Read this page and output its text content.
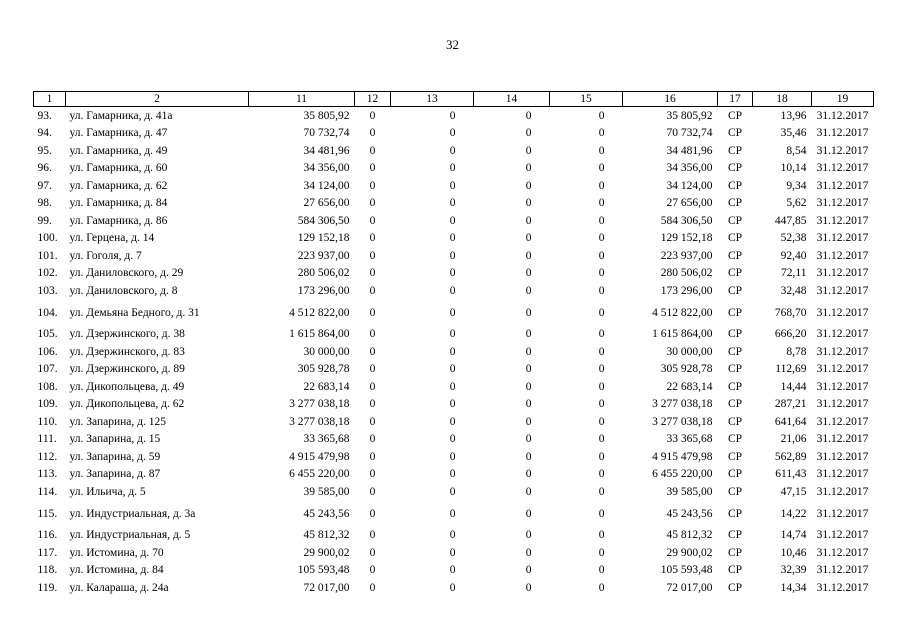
32
1	2	11	12	13	14	15	16	17	18	19
93.	ул. Гамарника, д. 41а	35 805,92	0	0	0	0	35 805,92	СР	13,96	31.12.2017
94.	ул. Гамарника, д. 47	70 732,74	0	0	0	0	70 732,74	СР	35,46	31.12.2017
95.	ул. Гамарника, д. 49	34 481,96	0	0	0	0	34 481,96	СР	8,54	31.12.2017
96.	ул. Гамарника, д. 60	34 356,00	0	0	0	0	34 356,00	СР	10,14	31.12.2017
97.	ул. Гамарника, д. 62	34 124,00	0	0	0	0	34 124,00	СР	9,34	31.12.2017
98.	ул. Гамарника, д. 84	27 656,00	0	0	0	0	27 656,00	СР	5,62	31.12.2017
99.	ул. Гамарника, д. 86	584 306,50	0	0	0	0	584 306,50	СР	447,85	31.12.2017
100.	ул. Герцена, д. 14	129 152,18	0	0	0	0	129 152,18	СР	52,38	31.12.2017
101.	ул. Гоголя, д. 7	223 937,00	0	0	0	0	223 937,00	СР	92,40	31.12.2017
102.	ул. Даниловского, д. 29	280 506,02	0	0	0	0	280 506,02	СР	72,11	31.12.2017
103.	ул. Даниловского, д. 8	173 296,00	0	0	0	0	173 296,00	СР	32,48	31.12.2017
104.	ул. Демьяна Бедного, д. 31	4 512 822,00	0	0	0	0	4 512 822,00	СР	768,70	31.12.2017
105.	ул. Дзержинского, д. 38	1 615 864,00	0	0	0	0	1 615 864,00	СР	666,20	31.12.2017
106.	ул. Дзержинского, д. 83	30 000,00	0	0	0	0	30 000,00	СР	8,78	31.12.2017
107.	ул. Дзержинского, д. 89	305 928,78	0	0	0	0	305 928,78	СР	112,69	31.12.2017
108.	ул. Дикопольцева, д. 49	22 683,14	0	0	0	0	22 683,14	СР	14,44	31.12.2017
109.	ул. Дикопольцева, д. 62	3 277 038,18	0	0	0	0	3 277 038,18	СР	287,21	31.12.2017
110.	ул. Запарина, д. 125	3 277 038,18	0	0	0	0	3 277 038,18	СР	641,64	31.12.2017
111.	ул. Запарина, д. 15	33 365,68	0	0	0	0	33 365,68	СР	21,06	31.12.2017
112.	ул. Запарина, д. 59	4 915 479,98	0	0	0	0	4 915 479,98	СР	562,89	31.12.2017
113.	ул. Запарина, д. 87	6 455 220,00	0	0	0	0	6 455 220,00	СР	611,43	31.12.2017
114.	ул. Ильича, д. 5	39 585,00	0	0	0	0	39 585,00	СР	47,15	31.12.2017
115.	ул. Индустриальная, д. 3а	45 243,56	0	0	0	0	45 243,56	СР	14,22	31.12.2017
116.	ул. Индустриальная, д. 5	45 812,32	0	0	0	0	45 812,32	СР	14,74	31.12.2017
117.	ул. Истомина, д. 70	29 900,02	0	0	0	0	29 900,02	СР	10,46	31.12.2017
118.	ул. Истомина, д. 84	105 593,48	0	0	0	0	105 593,48	СР	32,39	31.12.2017
119.	ул. Калараша, д. 24а	72 017,00	0	0	0	0	72 017,00	СР	14,34	31.12.2017
